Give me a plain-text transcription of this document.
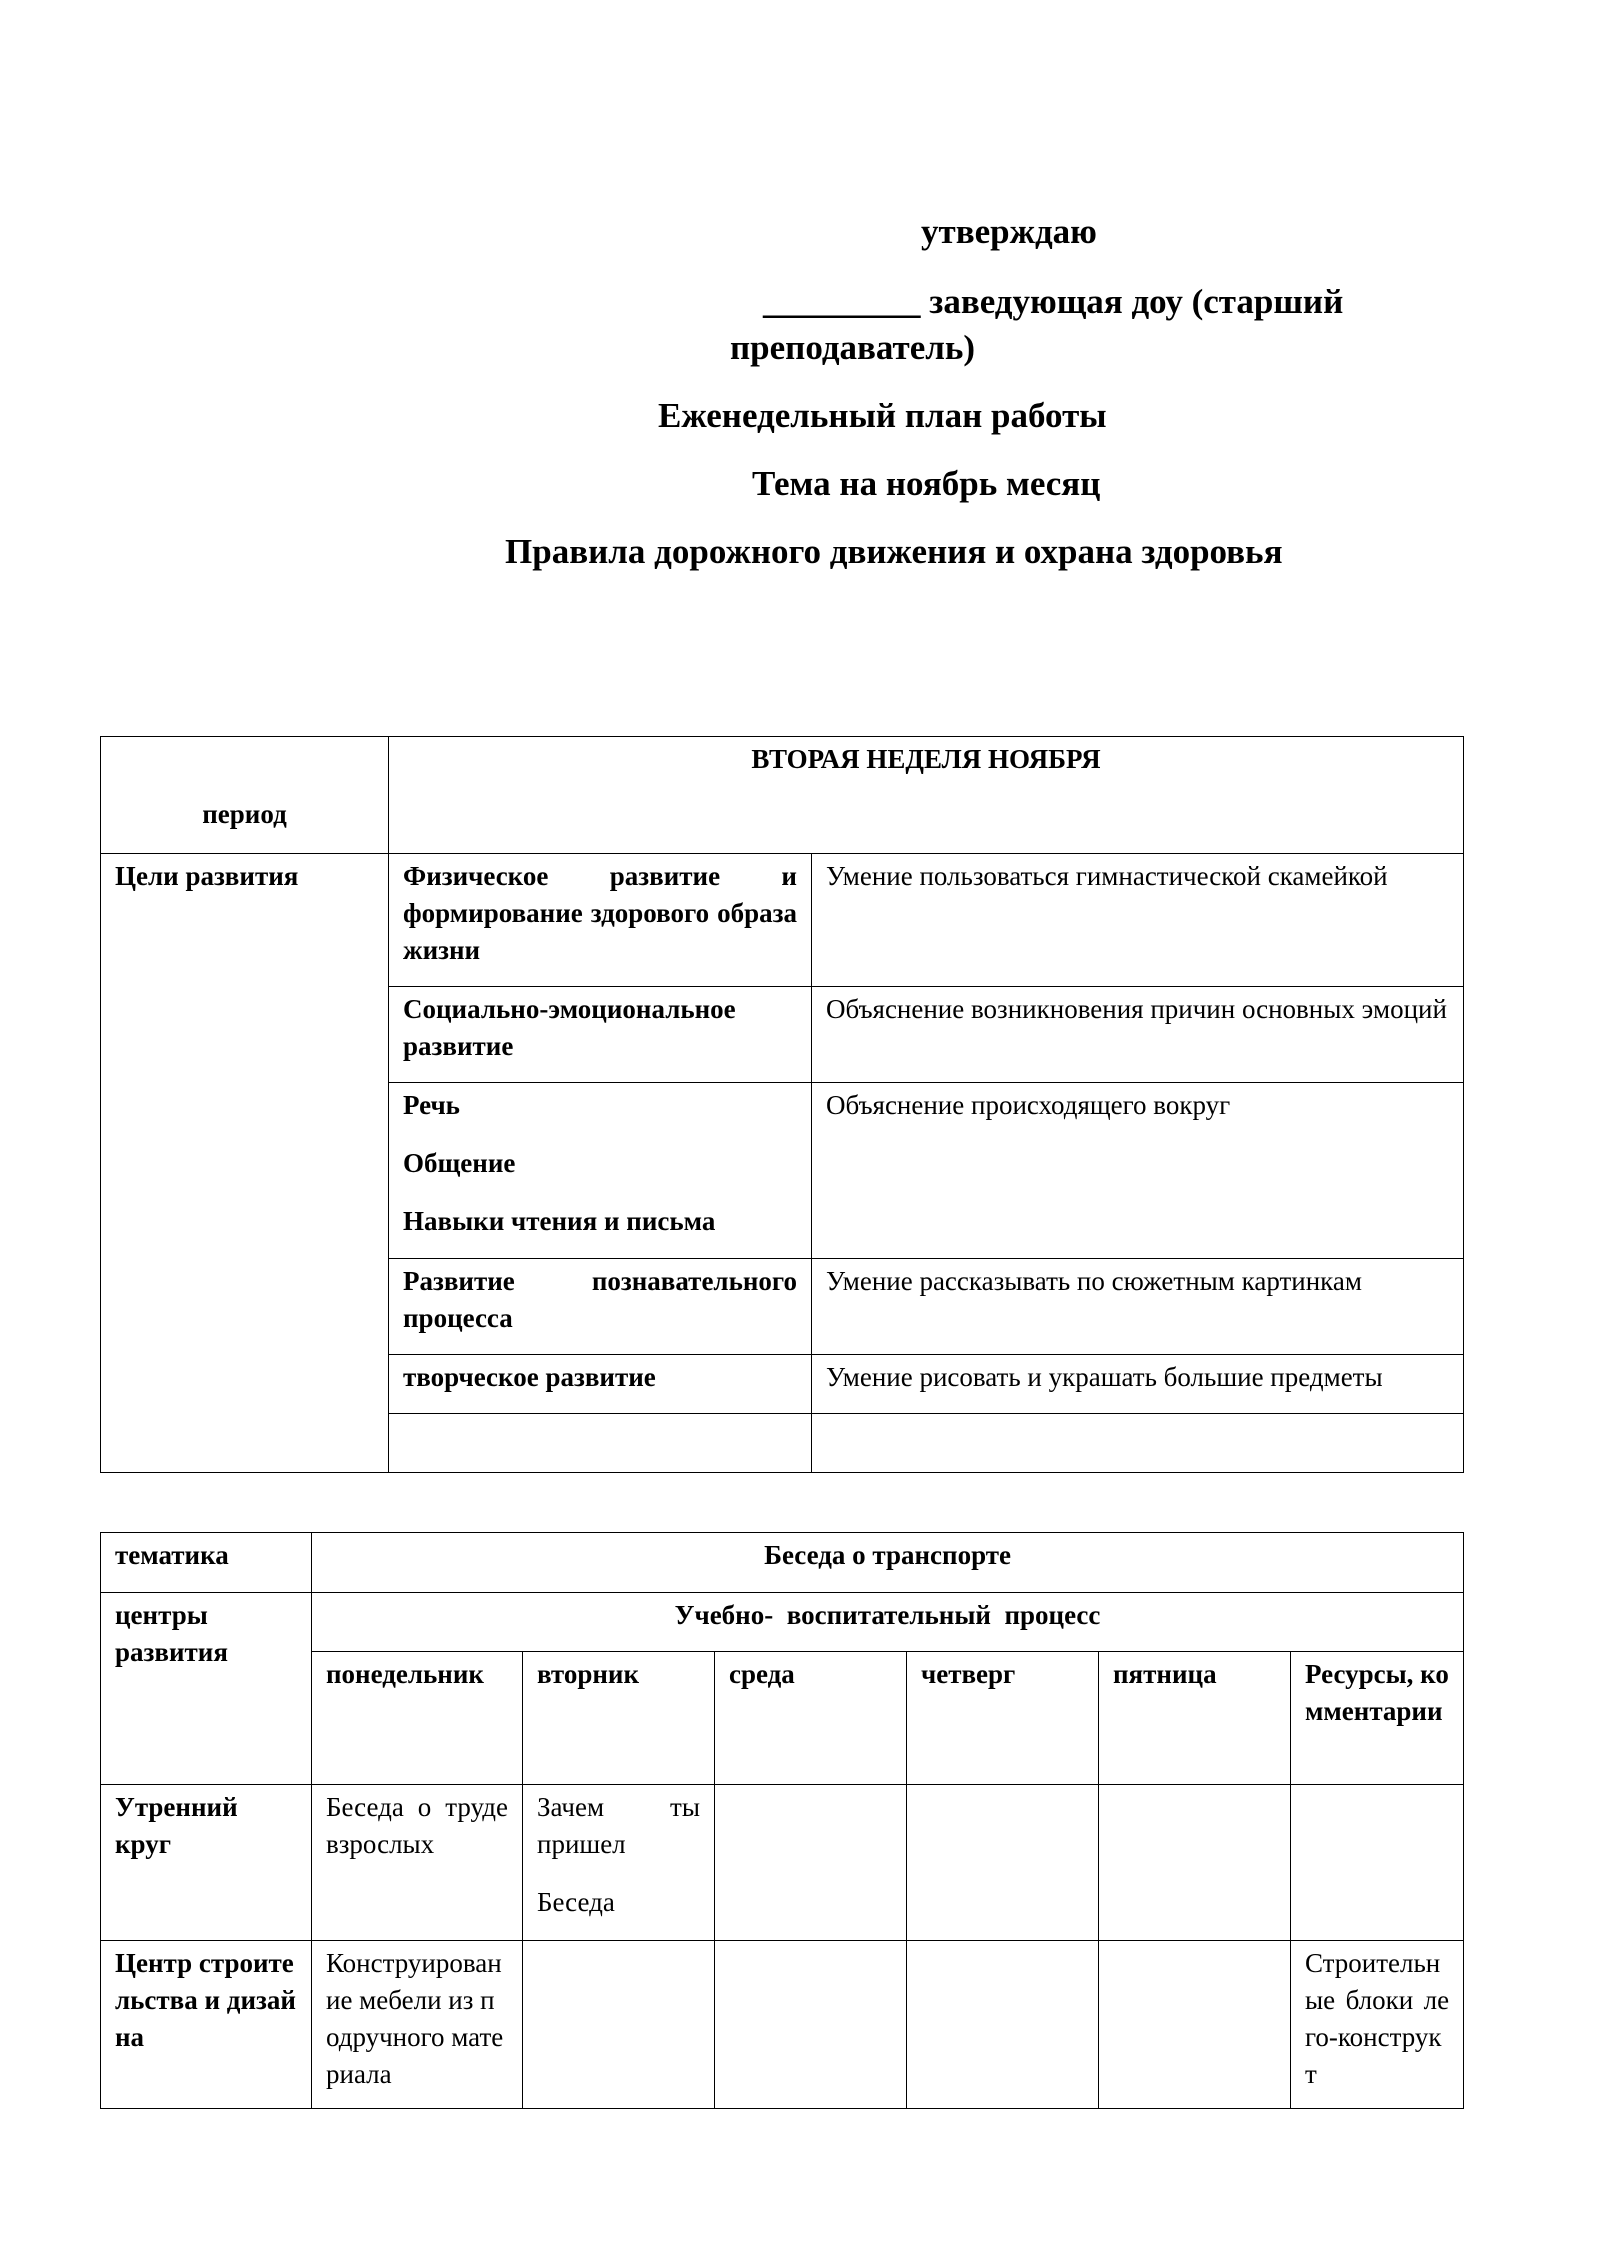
утверждаю
_________ заведующая доу (старший
преподаватель)
Еженедельный план работы
Тема на ноябрь месяц
Правила дорожного движения и охрана здоровья
период	ВТОРАЯ НЕДЕЛЯ НОЯБРЯ	
Цели развития	Физическое развитие и формирование здорового образа жизни	Умение пользоваться гимнастической скамейкой

	Социально-эмоциональное развитие	Объяснение возникновения причин основных эмоций

	Речь

Общение

Навыки чтения и письма	Объяснение происходящего вокруг

	Развитие познавательного процесса	Умение рассказывать по сюжетным картинкам

	творческое развитие	Умение рисовать и украшать большие предметы

тематика	Беседа о транспорте					
центры развития	Учебно-  воспитательный  процесс					
	понедельник	вторник	среда	четверг	пятница	Ресурсы, комментарии
Утренний круг	Беседа о труде взрослых	Зачем ты пришел

Беседа				

Центр строительства и дизайна	Конструирование мебели из подручного материала					Строительные блоки лего-конструкт
